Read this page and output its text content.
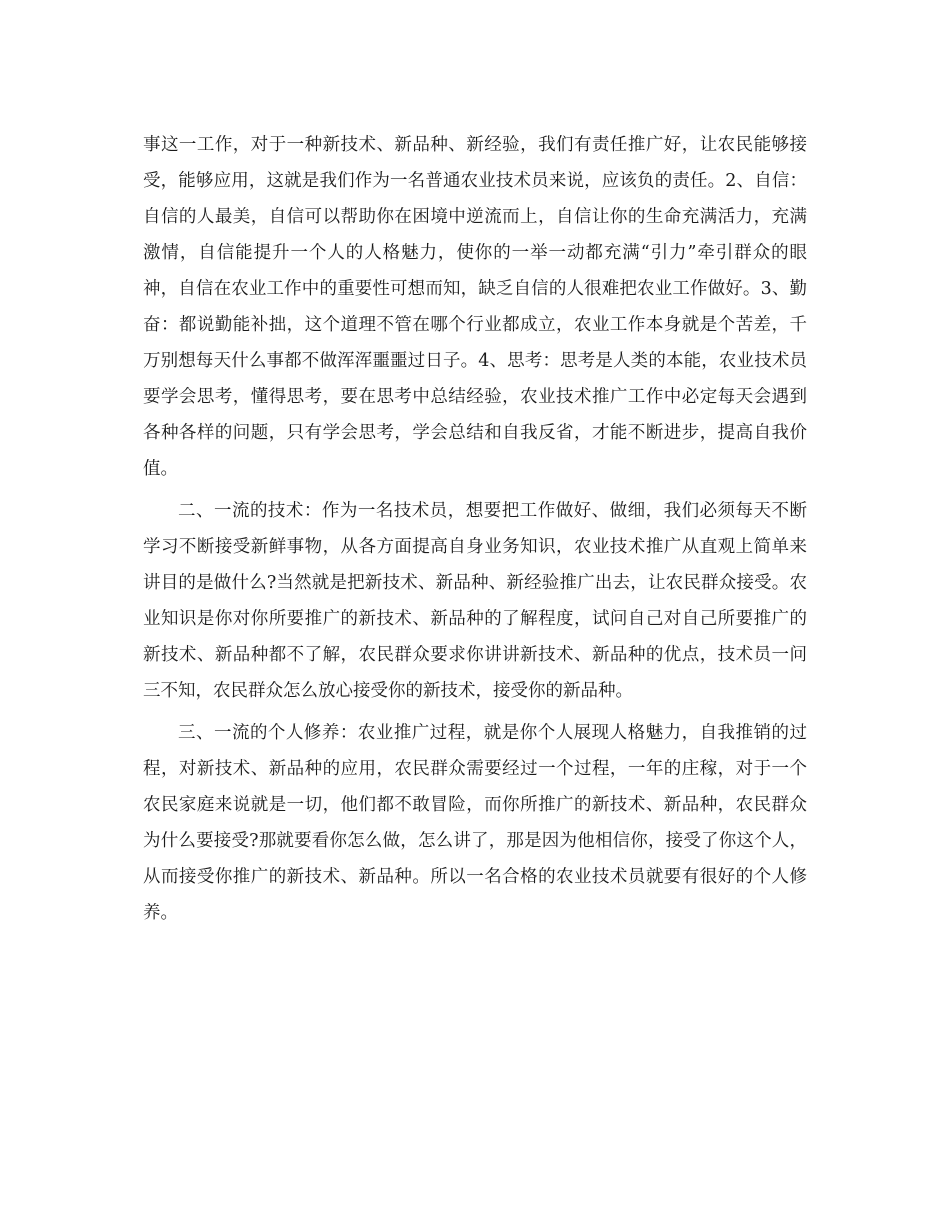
事这一工作，对于一种新技术、新品种、新经验，我们有责任推广好，让农民能够接受，能够应用，这就是我们作为一名普通农业技术员来说，应该负的责任。2、自信：自信的人最美，自信可以帮助你在困境中逆流而上，自信让你的生命充满活力，充满激情，自信能提升一个人的人格魅力，使你的一举一动都充满“引力”牵引群众的眼神，自信在农业工作中的重要性可想而知，缺乏自信的人很难把农业工作做好。3、勤奋：都说勤能补拙，这个道理不管在哪个行业都成立，农业工作本身就是个苦差，千万别想每天什么事都不做浑浑噩噩过日子。4、思考：思考是人类的本能，农业技术员要学会思考，懂得思考，要在思考中总结经验，农业技术推广工作中必定每天会遇到各种各样的问题，只有学会思考，学会总结和自我反省，才能不断进步，提高自我价值。

二、一流的技术：作为一名技术员，想要把工作做好、做细，我们必须每天不断学习不断接受新鲜事物，从各方面提高自身业务知识，农业技术推广从直观上简单来讲目的是做什么?当然就是把新技术、新品种、新经验推广出去，让农民群众接受。农业知识是你对你所要推广的新技术、新品种的了解程度，试问自己对自己所要推广的新技术、新品种都不了解，农民群众要求你讲讲新技术、新品种的优点，技术员一问三不知，农民群众怎么放心接受你的新技术，接受你的新品种。

三、一流的个人修养：农业推广过程，就是你个人展现人格魅力，自我推销的过程，对新技术、新品种的应用，农民群众需要经过一个过程，一年的庄稼，对于一个农民家庭来说就是一切，他们都不敢冒险，而你所推广的新技术、新品种，农民群众为什么要接受?那就要看你怎么做，怎么讲了，那是因为他相信你，接受了你这个人，从而接受你推广的新技术、新品种。所以一名合格的农业技术员就要有很好的个人修养。
